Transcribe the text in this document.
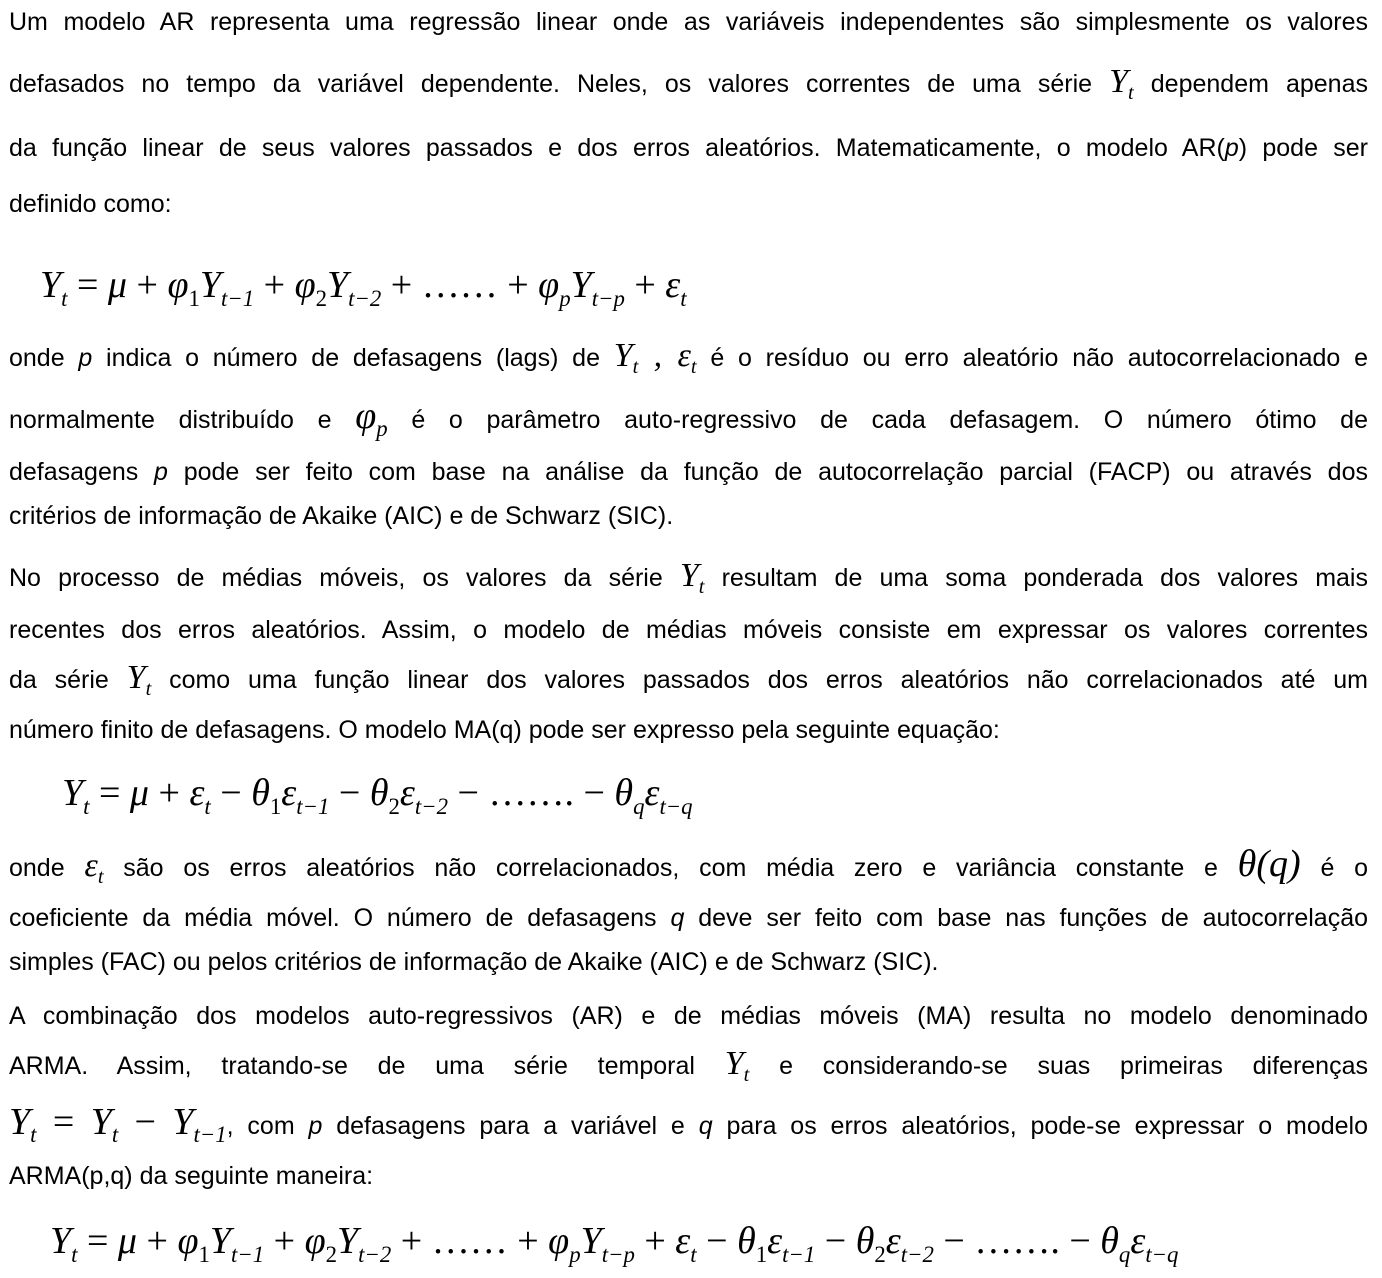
Um modelo AR representa uma regressão linear onde as variáveis independentes são simplesmente os valores
defasados no tempo da variável dependente. Neles, os valores correntes de uma série $Y_t$ dependem apenas
da função linear de seus valores passados e dos erros aleatórios. Matematicamente, o modelo AR(p) pode ser
definido como:
$Y_t = \mu + \varphi_1Y_{t-1} + \varphi_2Y_{t-2}$ + …… + $\varphi_pY_{t-p} + \varepsilon_t$
onde p indica o número de defasagens (lags) de $Y_t$ , $\varepsilon_t$ é o resíduo ou erro aleatório não autocorrelacionado e
normalmente distribuído e $\varphi_p$ é o parâmetro auto-regressivo de cada defasagem. O número ótimo de
defasagens p pode ser feito com base na análise da função de autocorrelação parcial (FACP) ou através dos
critérios de informação de Akaike (AIC) e de Schwarz (SIC).
No processo de médias móveis, os valores da série $Y_t$ resultam de uma soma ponderada dos valores mais
recentes dos erros aleatórios. Assim, o modelo de médias móveis consiste em expressar os valores correntes
da série $Y_t$ como uma função linear dos valores passados dos erros aleatórios não correlacionados até um
número finito de defasagens. O modelo MA(q) pode ser expresso pela seguinte equação:
$Y_t = \mu + \varepsilon_t - \theta_1\varepsilon_{t-1} - \theta_2\varepsilon_{t-2}$ − ……. − $\theta_q\varepsilon_{t-q}$
onde $\varepsilon_t$ são os erros aleatórios não correlacionados, com média zero e variância constante e θ(q) é o
coeficiente da média móvel. O número de defasagens q deve ser feito com base nas funções de autocorrelação
simples (FAC) ou pelos critérios de informação de Akaike (AIC) e de Schwarz (SIC).
A combinação dos modelos auto-regressivos (AR) e de médias móveis (MA) resulta no modelo denominado
ARMA. Assim, tratando-se de uma série temporal $Y_t$ e considerando-se suas primeiras diferenças
$Y_t = Y_t - Y_{t-1}$, com p defasagens para a variável e q para os erros aleatórios, pode-se expressar o modelo
ARMA(p,q) da seguinte maneira:
$Y_t = \mu + \varphi_1Y_{t-1} + \varphi_2Y_{t-2}$ + …… + $\varphi_pY_{t-p} + \varepsilon_t - \theta_1\varepsilon_{t-1} - \theta_2\varepsilon_{t-2}$ − ……. − $\theta_q\varepsilon_{t-q}$
